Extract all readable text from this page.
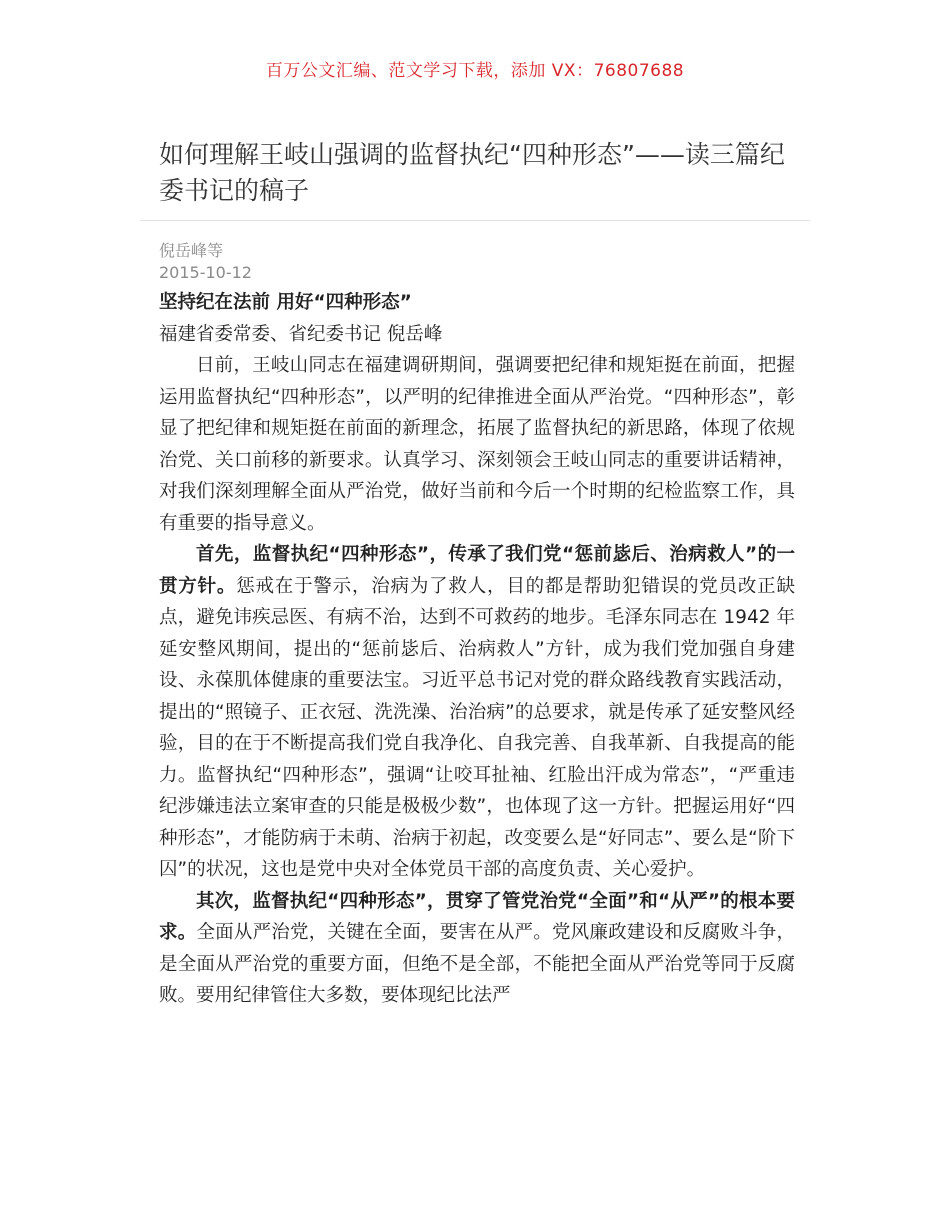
百万公文汇编、范文学习下载，添加 VX：76807688
如何理解王岐山强调的监督执纪“四种形态”——读三篇纪委书记的稿子
倪岳峰等
2015-10-12

坚持纪在法前 用好“四种形态”

福建省委常委、省纪委书记 倪岳峰

日前，王岐山同志在福建调研期间，强调要把纪律和规矩挺在前面，把握运用监督执纪“四种形态”，以严明的纪律推进全面从严治党。“四种形态”，彰显了把纪律和规矩挺在前面的新理念，拓展了监督执纪的新思路，体现了依规治党、关口前移的新要求。认真学习、深刻领会王岐山同志的重要讲话精神，对我们深刻理解全面从严治党，做好当前和今后一个时期的纪检监察工作，具有重要的指导意义。

首先，监督执纪“四种形态”，传承了我们党“惩前毖后、治病救人”的一贯方针。惩戒在于警示，治病为了救人，目的都是帮助犯错误的党员改正缺点，避免讳疾忌医、有病不治，达到不可救药的地步。毛泽东同志在 1942 年延安整风期间，提出的“惩前毖后、治病救人”方针，成为我们党加强自身建设、永葆肌体健康的重要法宝。习近平总书记对党的群众路线教育实践活动，提出的“照镜子、正衣冠、洗洗澡、治治病”的总要求，就是传承了延安整风经验，目的在于不断提高我们党自我净化、自我完善、自我革新、自我提高的能力。监督执纪“四种形态”，强调“让咬耳扯袖、红脸出汗成为常态”，“严重违纪涉嫌违法立案审查的只能是极极少数”，也体现了这一方针。把握运用好“四种形态”，才能防病于未萌、治病于初起，改变要么是“好同志”、要么是“阶下囚”的状况，这也是党中央对全体党员干部的高度负责、关心爱护。

其次，监督执纪“四种形态”，贯穿了管党治党“全面”和“从严”的根本要求。全面从严治党，关键在全面，要害在从严。党风廉政建设和反腐败斗争，是全面从严治党的重要方面，但绝不是全部，不能把全面从严治党等同于反腐败。要用纪律管住大多数，要体现纪比法严
